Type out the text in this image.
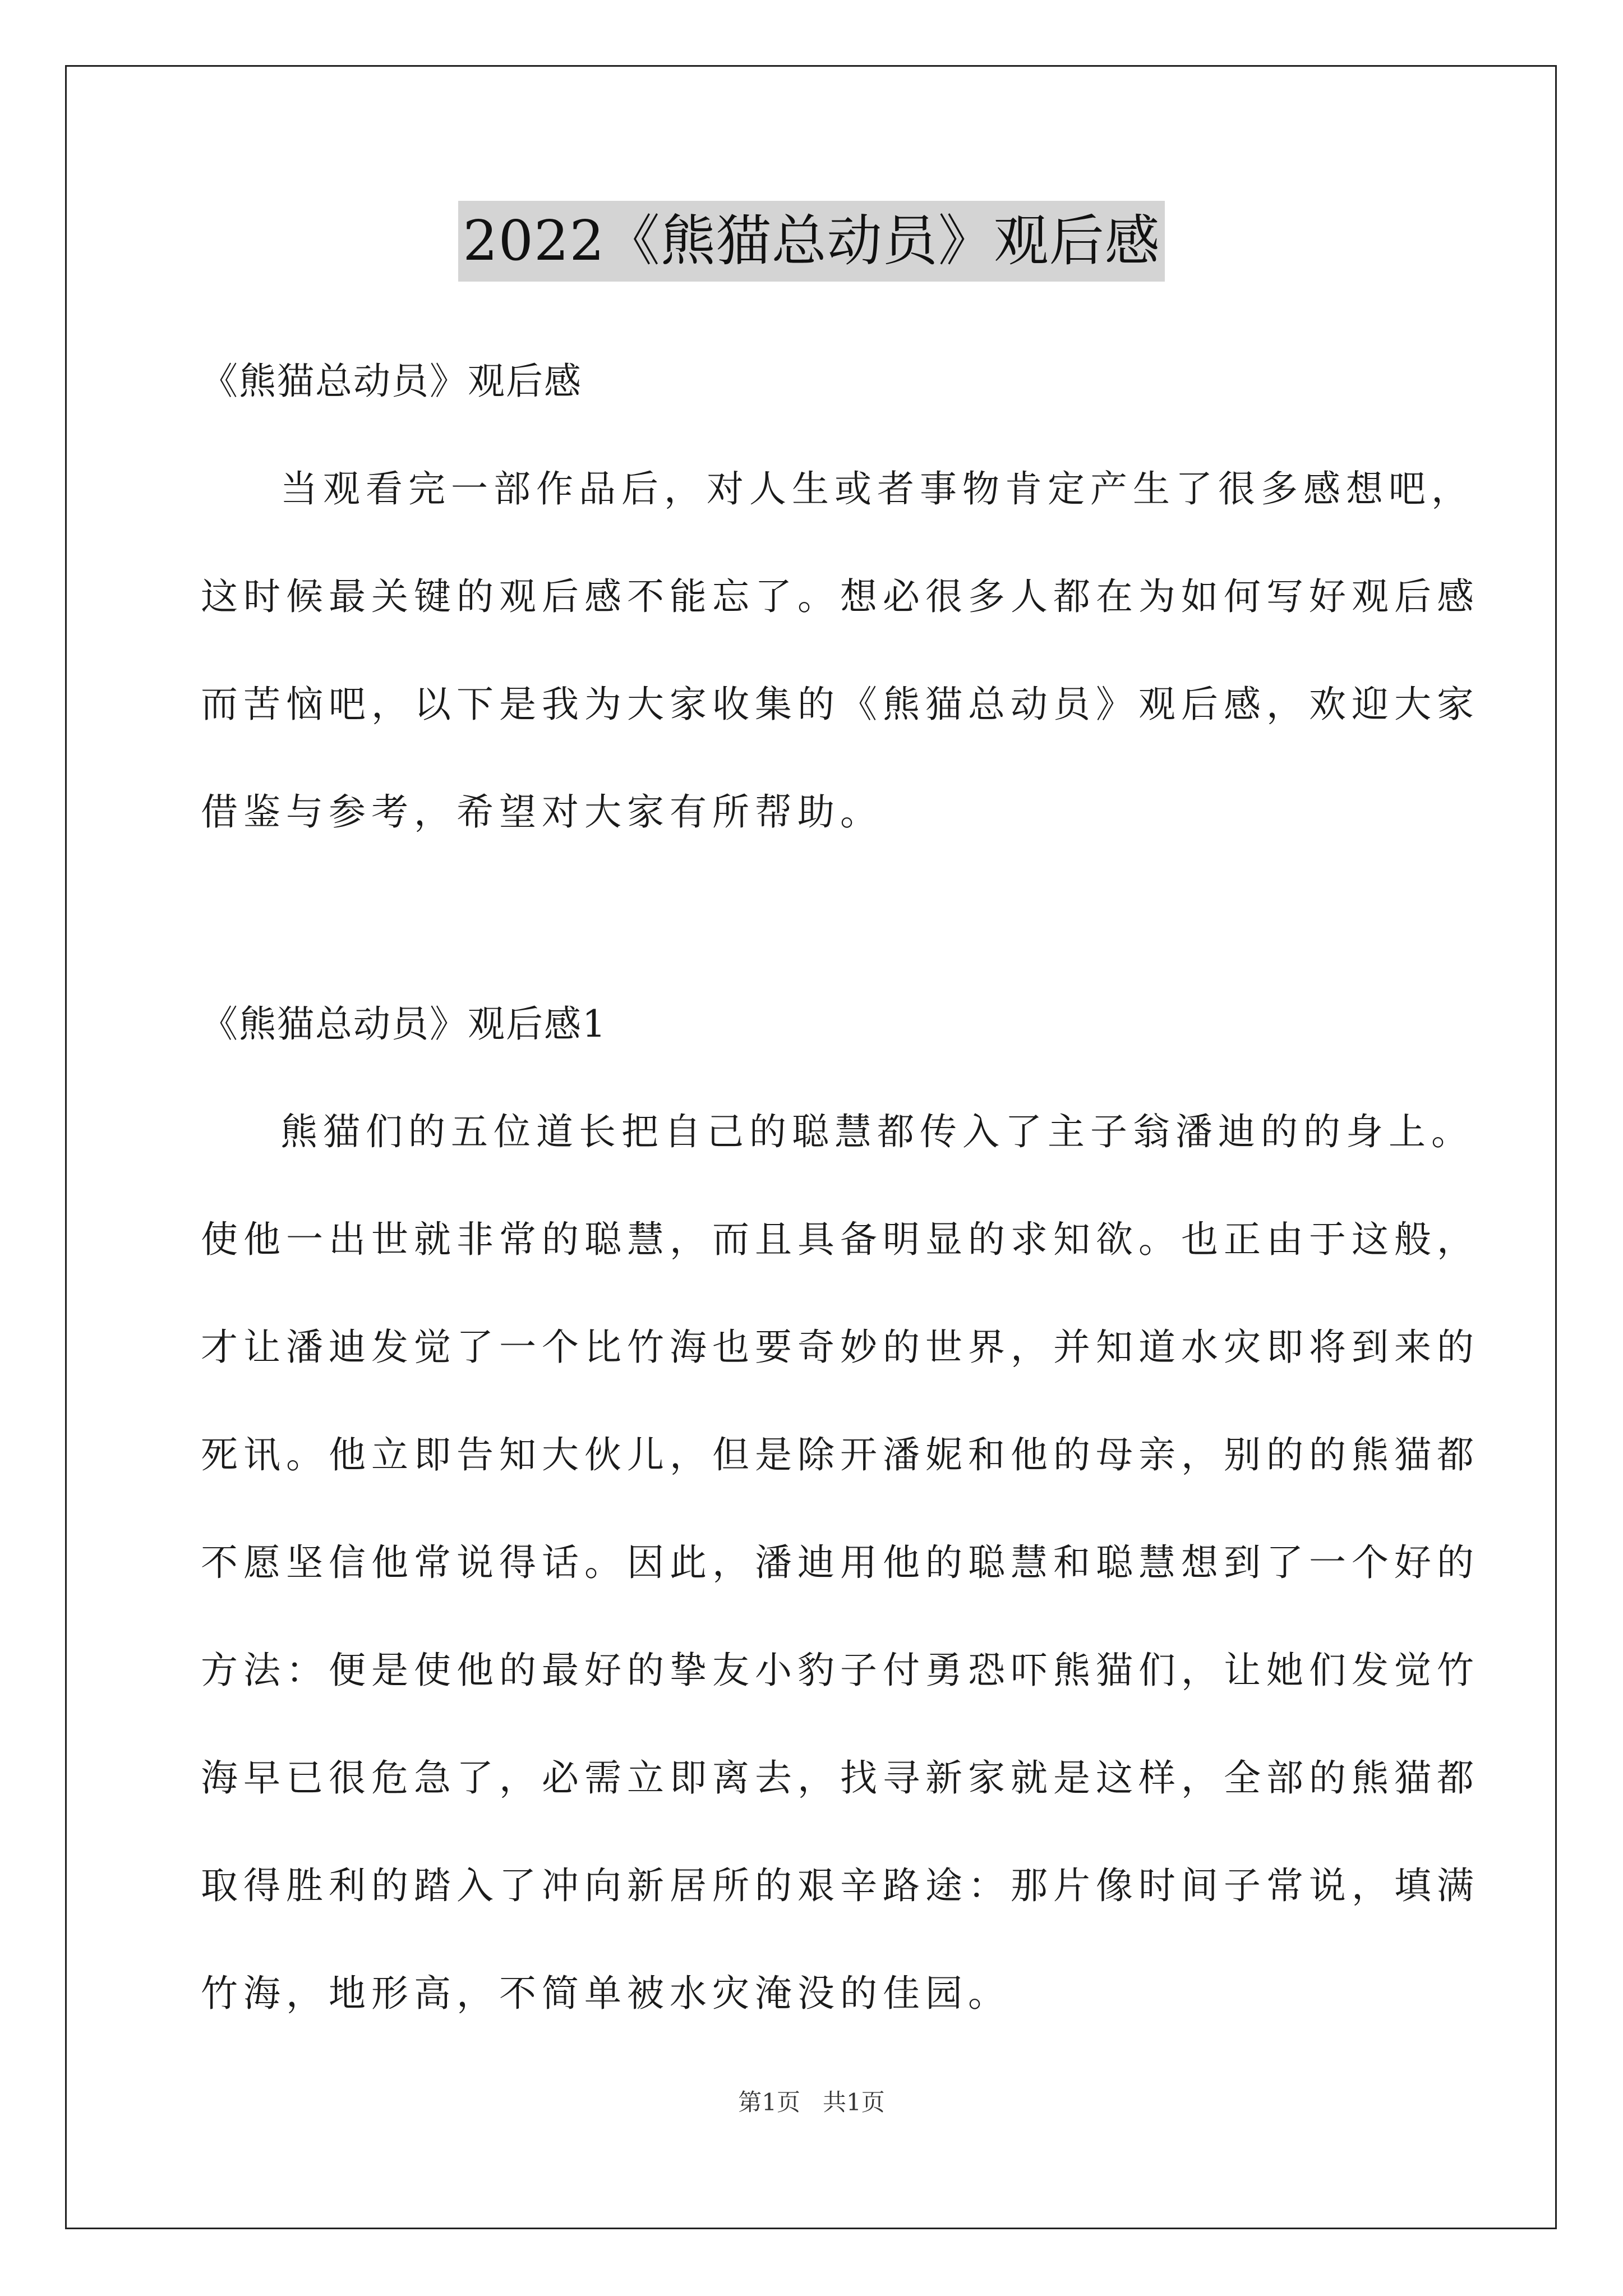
2022《熊猫总动员》观后感
《熊猫总动员》观后感
当观看完一部作品后，对人生或者事物肯定产生了很多感想吧，
这时候最关键的观后感不能忘了。想必很多人都在为如何写好观后感
而苦恼吧，以下是我为大家收集的《熊猫总动员》观后感，欢迎大家
借鉴与参考，希望对大家有所帮助。
《熊猫总动员》观后感1
熊猫们的五位道长把自己的聪慧都传入了主子翁潘迪的的身上。
使他一出世就非常的聪慧，而且具备明显的求知欲。也正由于这般，
才让潘迪发觉了一个比竹海也要奇妙的世界，并知道水灾即将到来的
死讯。他立即告知大伙儿，但是除开潘妮和他的母亲，别的的熊猫都
不愿坚信他常说得话。因此，潘迪用他的聪慧和聪慧想到了一个好的
方法：便是使他的最好的挚友小豹子付勇恐吓熊猫们，让她们发觉竹
海早已很危急了，必需立即离去，找寻新家就是这样，全部的熊猫都
取得胜利的踏入了冲向新居所的艰辛路途：那片像时间子常说，填满
竹海，地形高，不简单被水灾淹没的佳园。
第1页 共1页
